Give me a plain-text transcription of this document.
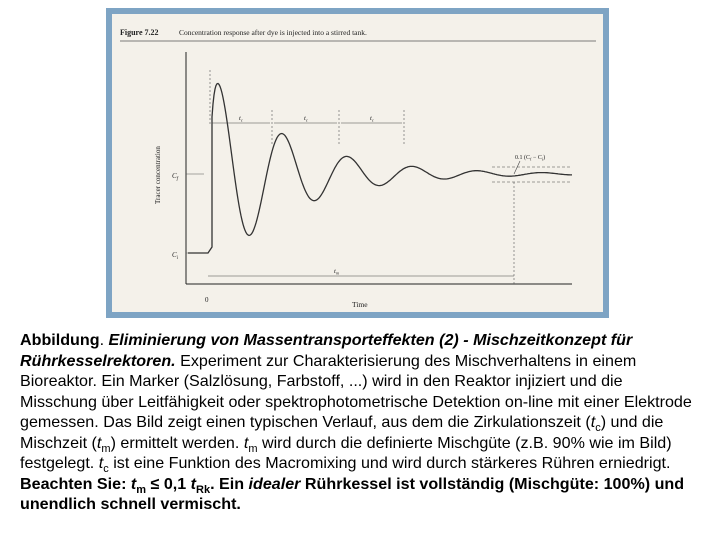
Figure 7.22	Concentration response after dye is injected into a stirred tank.
Tracer concentration
Time
0
$C_f$
$C_i$
0.1 $(C_f - C_i)$
$t_c$	$t_c$	$t_c$
$t_m$

Abbildung. Eliminierung von Massentransporteffekten (2) - Mischzeitkonzept für Rührkesselrektoren. Experiment zur Charakterisierung des Mischverhaltens in einem Bioreaktor. Ein Marker (Salzlösung, Farbstoff, ...) wird in den Reaktor injiziert und die Misschung über Leitfähigkeit oder spektrophotometrische Detektion on-line mit einer Elektrode gemessen. Das Bild zeigt einen typischen Verlauf, aus dem die Zirkulationszeit $(t_c)$ und die Mischzeit $(t_m)$ ermittelt werden. $t_m$ wird durch die definierte Mischgüte (z.B. 90% wie im Bild) festgelegt. $t_c$ ist eine Funktion des Macromixing und wird durch stärkeres Rühren erniedrigt. Beachten Sie: $t_m \le 0,1$ $t_{Rk}$. Ein idealer Rührkessel ist vollständig (Mischgüte: 100%) und unendlich schnell vermischt.
